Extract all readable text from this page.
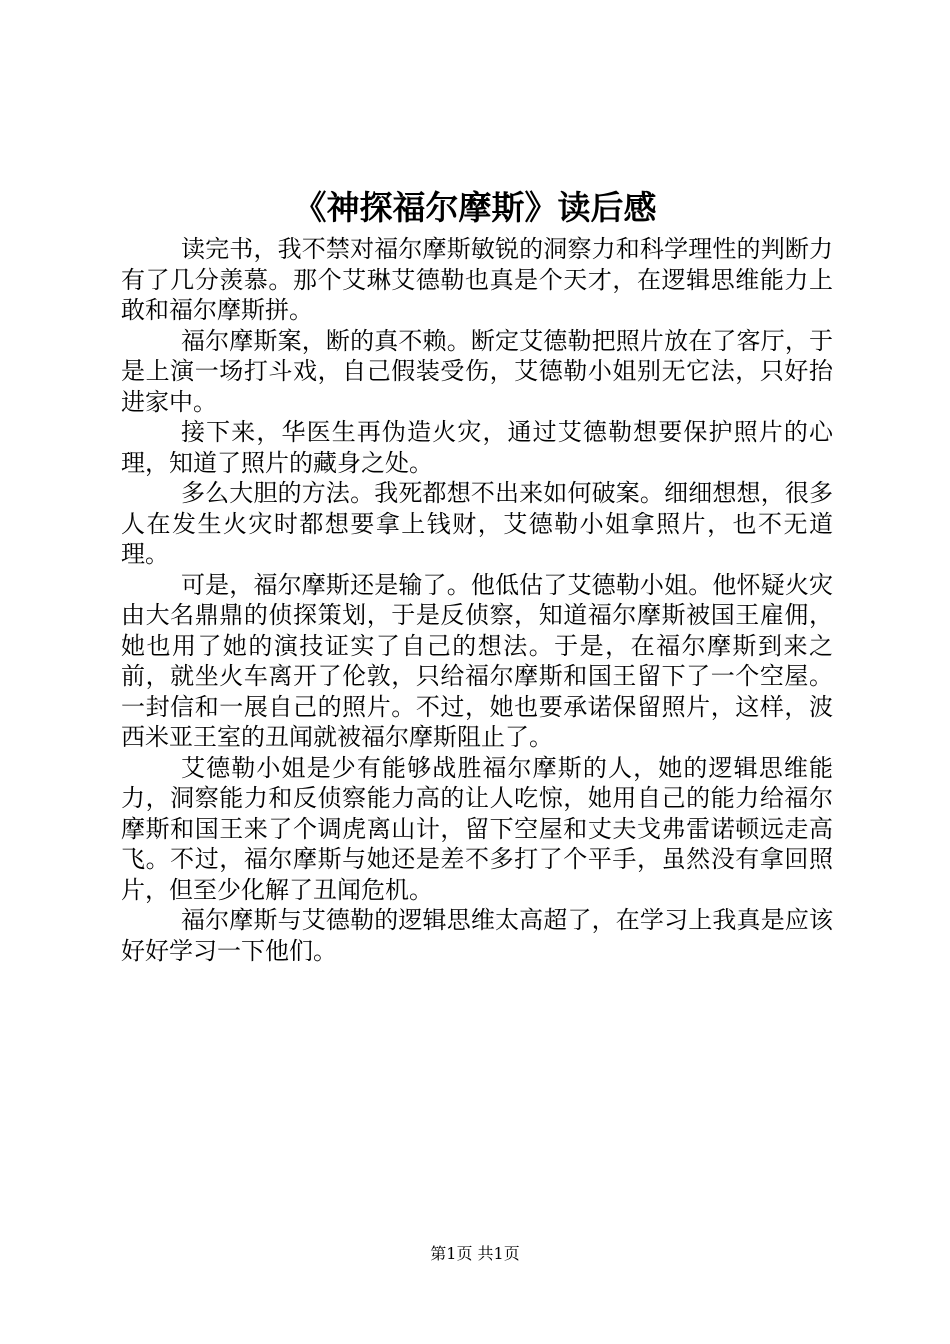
《神探福尔摩斯》读后感

读完书，我不禁对福尔摩斯敏锐的洞察力和科学理性的判断力有了几分羡慕。那个艾琳艾德勒也真是个天才，在逻辑思维能力上敢和福尔摩斯拼。

福尔摩斯案，断的真不赖。断定艾德勒把照片放在了客厅，于是上演一场打斗戏，自己假装受伤，艾德勒小姐别无它法，只好抬进家中。

接下来，华医生再伪造火灾，通过艾德勒想要保护照片的心理，知道了照片的藏身之处。

多么大胆的方法。我死都想不出来如何破案。细细想想，很多人在发生火灾时都想要拿上钱财，艾德勒小姐拿照片，也不无道理。

可是，福尔摩斯还是输了。他低估了艾德勒小姐。他怀疑火灾由大名鼎鼎的侦探策划，于是反侦察，知道福尔摩斯被国王雇佣，她也用了她的演技证实了自己的想法。于是，在福尔摩斯到来之前，就坐火车离开了伦敦，只给福尔摩斯和国王留下了一个空屋。一封信和一展自己的照片。不过，她也要承诺保留照片，这样，波西米亚王室的丑闻就被福尔摩斯阻止了。

艾德勒小姐是少有能够战胜福尔摩斯的人，她的逻辑思维能力，洞察能力和反侦察能力高的让人吃惊，她用自己的能力给福尔摩斯和国王来了个调虎离山计，留下空屋和丈夫戈弗雷诺顿远走高飞。不过，福尔摩斯与她还是差不多打了个平手，虽然没有拿回照片，但至少化解了丑闻危机。

福尔摩斯与艾德勒的逻辑思维太高超了，在学习上我真是应该好好学习一下他们。

第1页 共1页
